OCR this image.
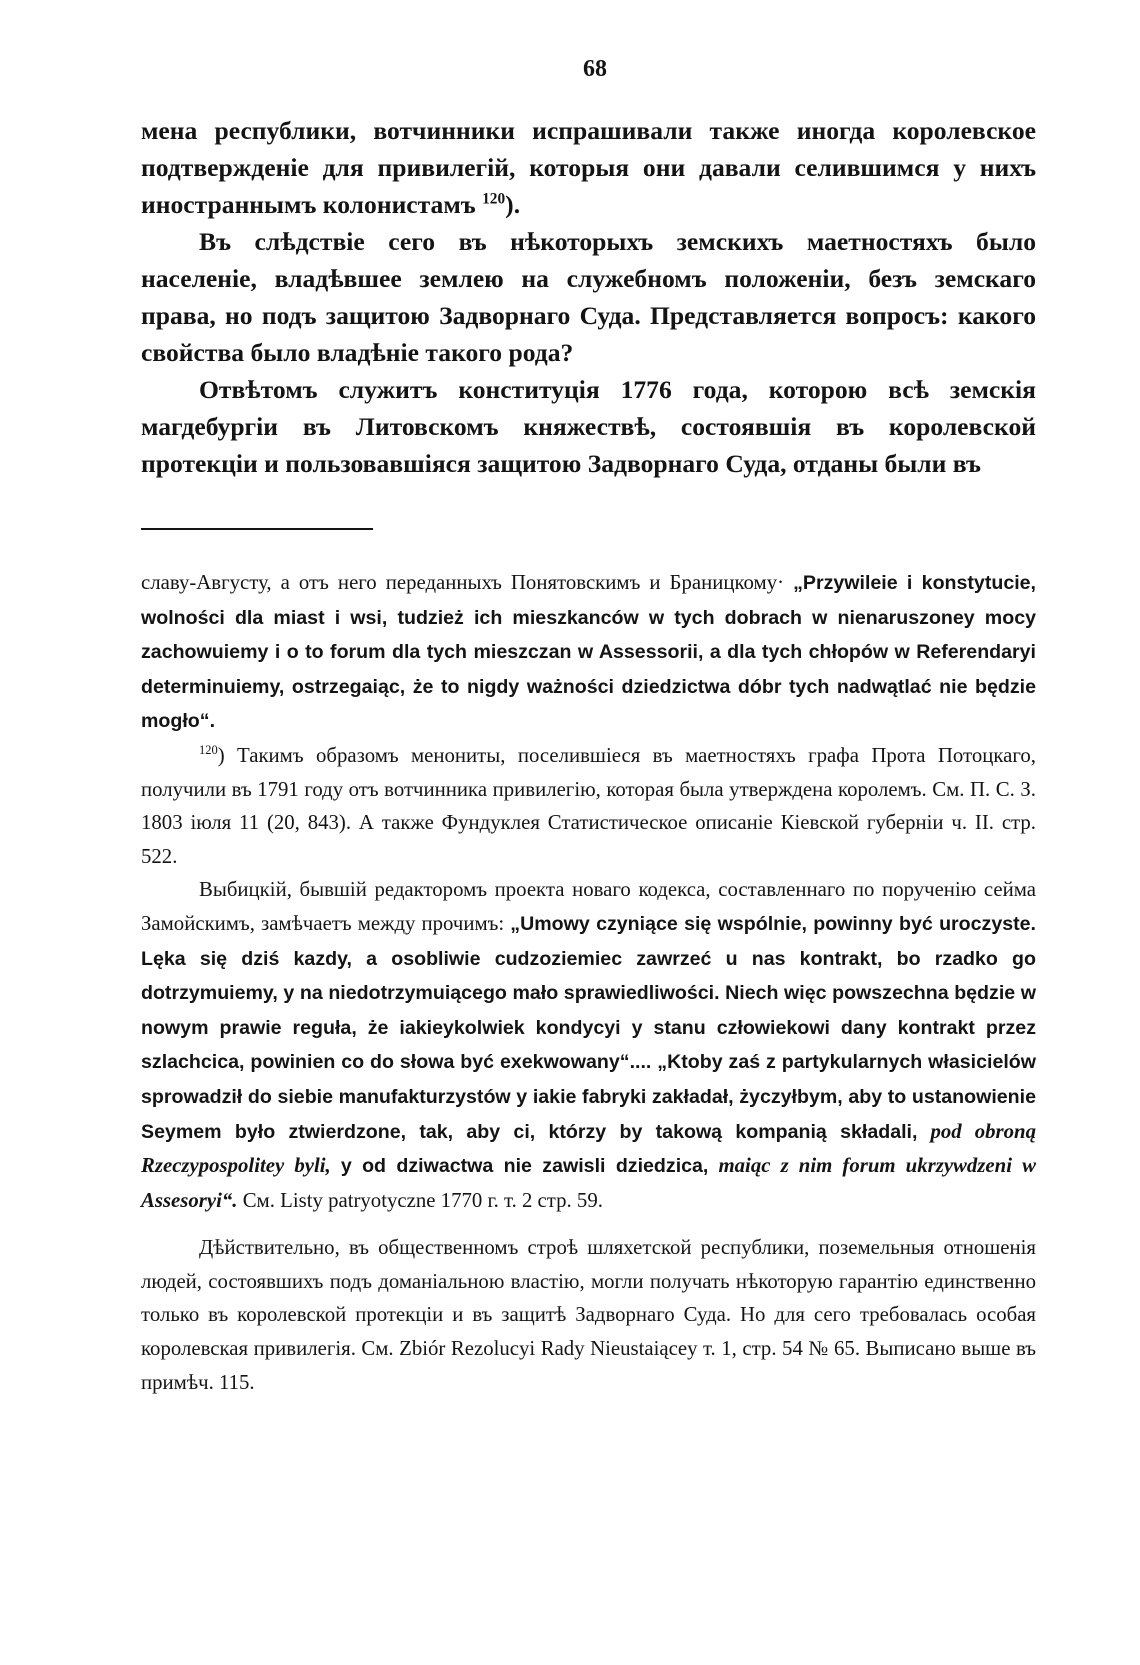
68

мена республики, вотчинники испрашивали также иногда королевское подтвержденіе для привилегій, которыя они давали селившимся у нихъ иностраннымъ колонистамъ $^{120}$).

Въ слѣдствіе сего въ нѣкоторыхъ земскихъ маетностяхъ было населеніе, владѣвшее землею на служебномъ положеніи, безъ земскаго права, но подъ защитою Задворнаго Суда. Представляется вопросъ: какого свойства было владѣніе такого рода?

Отвѣтомъ служитъ конституція 1776 года, которою всѣ земскія магдебургіи въ Литовскомъ княжествѣ, состоявшія въ королевской протекціи и пользовавшіяся защитою Задворнаго Суда, отданы были въ

славу-Августу, а отъ него переданныхъ Понятовскимъ и Браницкому· „Przywileie i konstytucie, wolności dla miast i wsi, tudzież ich mieszkanców w tych dobrach w nienaruszoney mocy zachowuiemy i o to forum dla tych mieszczan w Assessorii, a dla tych chłopów w Referendaryi determinuiemy, ostrzegaiąc, że to nigdy ważności dziedzictwa dóbr tych nadwątlać nie będzie mogło“.

$^{120}$) Такимъ образомъ менониты, поселившіеся въ маетностяхъ графа Прота Потоцкаго, получили въ 1791 году отъ вотчинника привилегію, которая была утверждена королемъ. См. П. С. З. 1803 іюля 11 (20, 843). А также Фундуклея Статистическое описаніе Кіевской губерніи ч. II. стр. 522.

Выбицкій, бывшій редакторомъ проекта новаго кодекса, составленнаго по порученію сейма Замойскимъ, замѣчаетъ между прочимъ: „Umowy czyniące się wspólnie, powinny być uroczyste. Lęka się dziś kazdy, a osobliwie cudzoziemiec zawrzeć u nas kontrakt, bo rzadko go dotrzymuiemy, y na niedotrzymuiącego mało sprawiedliwości. Niech więc powszechna będzie w nowym prawie reguła, że iakieykolwiek kondycyi y stanu człowiekowi dany kontrakt przez szlachcica, powinien co do słowa być exekwowany“.... „Ktoby zaś z partykularnych własicielów sprowadził do siebie manufakturzystów y iakie fabryki zakładał, życzyłbym, aby to ustanowienie Seymem było ztwierdzone, tak, aby ci, którzy by takową kompanią składali, pod obroną Rzeczypospolitey byli, y od dziwactwa nie zawisli dziedzica, maiąc z nim forum ukrzywdzeni w Assesoryi“. См. Listy patryotyczne 1770 г. т. 2 стр. 59.

Дѣйствительно, въ общественномъ строѣ шляхетской республики, поземельныя отношенія людей, состоявшихъ подъ доманіальною властію, могли получать нѣкоторую гарантію единственно только въ королевской протекціи и въ защитѣ Задворнаго Суда. Но для сего требовалась особая королевская привилегія. См. Zbiór Rezolucyi Rady Nieustaiącey т. 1, стр. 54 № 65. Выписано выше въ примѣч. 115.
